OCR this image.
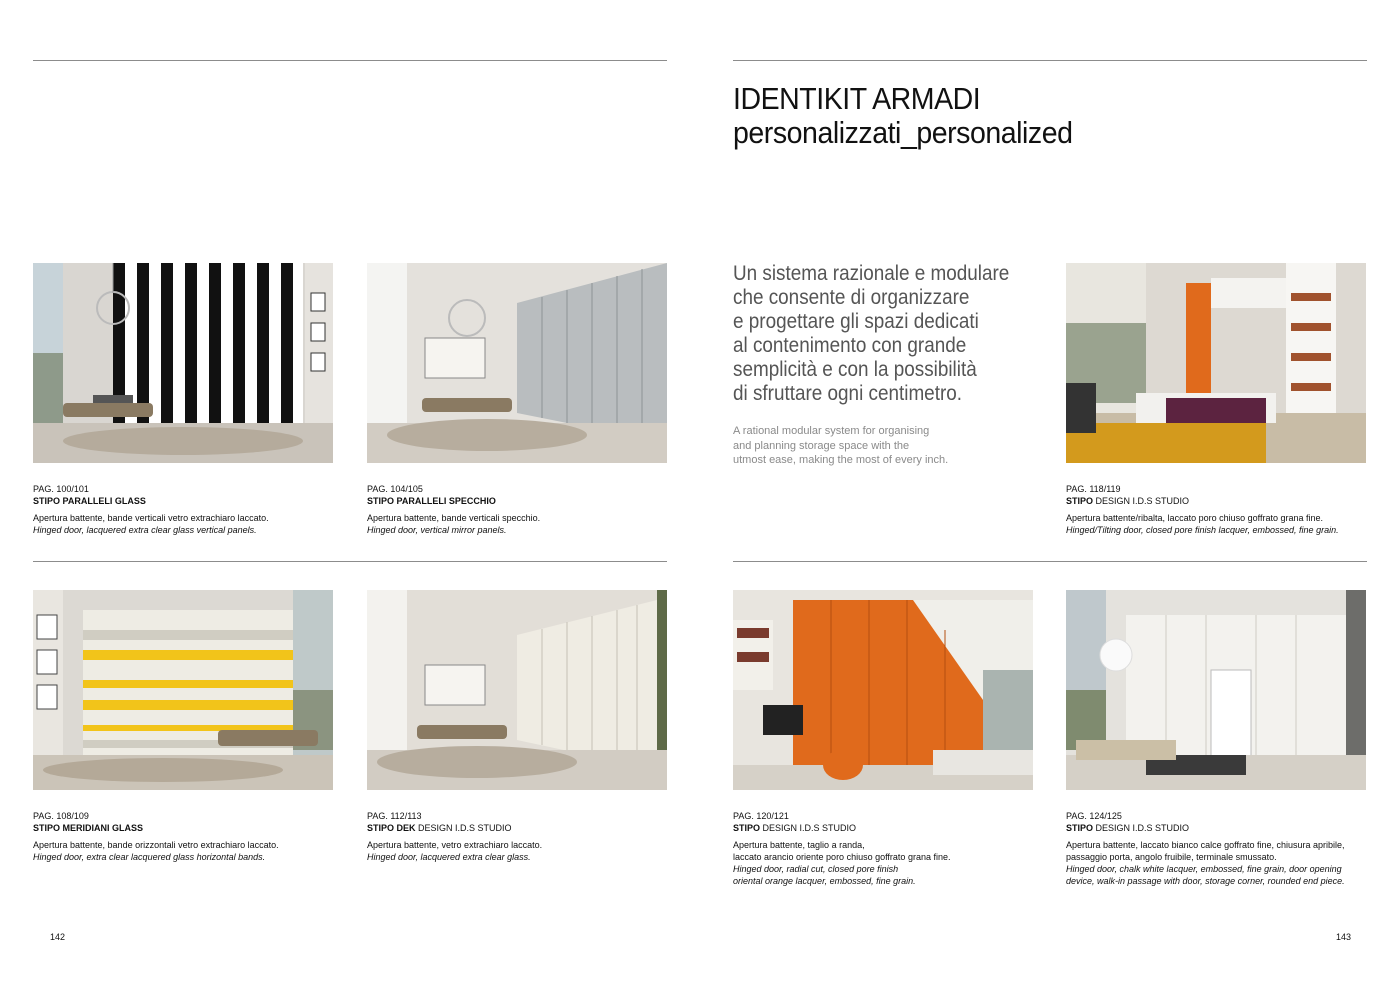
IDENTIKIT ARMADI
personalizzati_personalized
Un sistema razionale e modulare
che consente di organizzare
e progettare gli spazi dedicati
al contenimento con grande
semplicità e con la possibilità
di sfruttare ogni centimetro.
A rational modular system for organising
and planning storage space with the
utmost ease, making the most of every inch.
PAG. 100/101
STIPO PARALLELI GLASS
Apertura battente, bande verticali vetro extrachiaro laccato.
Hinged door, lacquered extra clear glass vertical panels.
PAG. 104/105
STIPO PARALLELI SPECCHIO
Apertura battente, bande verticali specchio.
Hinged door, vertical mirror panels.
PAG. 118/119
STIPO DESIGN I.D.S STUDIO
Apertura battente/ribalta, laccato poro chiuso goffrato grana fine.
Hinged/Tilting door, closed pore finish lacquer, embossed, fine grain.
PAG. 108/109
STIPO MERIDIANI GLASS
Apertura battente, bande orizzontali vetro extrachiaro laccato.
Hinged door, extra clear lacquered glass horizontal bands.
PAG. 112/113
STIPO DEK DESIGN I.D.S STUDIO
Apertura battente, vetro extrachiaro laccato.
Hinged door, lacquered extra clear glass.
PAG. 120/121
STIPO DESIGN I.D.S STUDIO
Apertura battente, taglio a randa,
laccato arancio oriente poro chiuso goffrato grana fine.
Hinged door, radial cut, closed pore finish
oriental orange lacquer, embossed, fine grain.
PAG. 124/125
STIPO DESIGN I.D.S STUDIO
Apertura battente, laccato bianco calce goffrato fine, chiusura apribile,
passaggio porta, angolo fruibile, terminale smussato.
Hinged door, chalk white lacquer, embossed, fine grain, door opening
device, walk-in passage with door, storage corner, rounded end piece.
142	143
